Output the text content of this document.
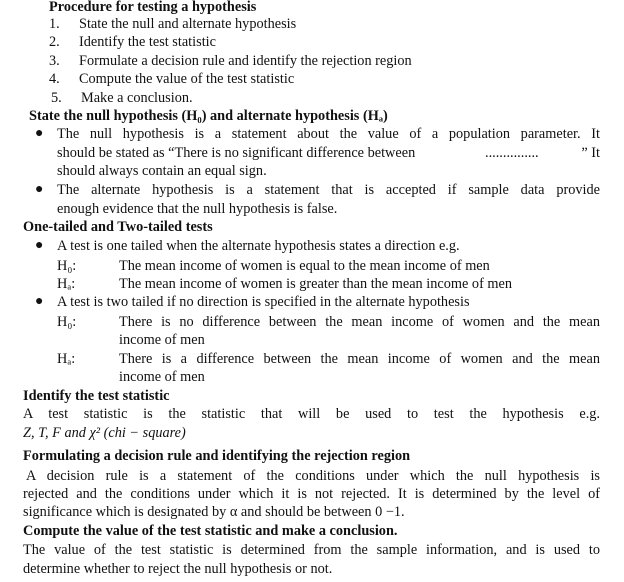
Procedure for testing a hypothesis
1. State the null and alternate hypothesis
2. Identify the test statistic
3. Formulate a decision rule and identify the rejection region
4. Compute the value of the test statistic
5. Make a conclusion.
State the null hypothesis (H₀) and alternate hypothesis (Hₐ)
● The null hypothesis is a statement about the value of a population parameter. It
should be stated as “There is no significant difference between	...............	” It
should always contain an equal sign.
● The alternate hypothesis is a statement that is accepted if sample data provide
enough evidence that the null hypothesis is false.
One-tailed and Two-tailed tests
● A test is one tailed when the alternate hypothesis states a direction e.g.
H₀:	The mean income of women is equal to the mean income of men
Hₐ:	The mean income of women is greater than the mean income of men
● A test is two tailed if no direction is specified in the alternate hypothesis
H₀:	There is no difference between the mean income of women and the mean
income of men
Hₐ:	There is a difference between the mean income of women and the mean
income of men
Identify the test statistic
A test statistic is the statistic that will be used to test the hypothesis e.g.
Z, T, F and χ² (chi − square)
Formulating a decision rule and identifying the rejection region
A decision rule is a statement of the conditions under which the null hypothesis is
rejected and the conditions under which it is not rejected. It is determined by the level of
significance which is designated by α and should be between 0 −1.
Compute the value of the test statistic and make a conclusion.
The value of the test statistic is determined from the sample information, and is used to
determine whether to reject the null hypothesis or not.
